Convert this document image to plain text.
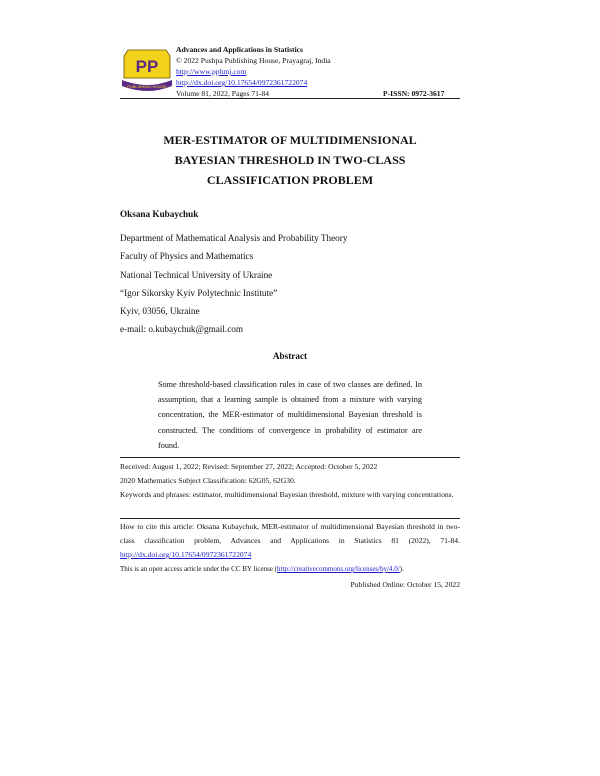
PP
PUBLISHING HOUSE
Advances and Applications in Statistics
© 2022 Pushpa Publishing House, Prayagraj, India
http://www.pphmj.com
http://dx.doi.org/10.17654/0972361722074
Volume 81, 2022, Pages 71-84	P-ISSN: 0972-3617
MER-ESTIMATOR OF MULTIDIMENSIONAL
BAYESIAN THRESHOLD IN TWO-CLASS
CLASSIFICATION PROBLEM
Oksana Kubaychuk
Department of Mathematical Analysis and Probability Theory
Faculty of Physics and Mathematics
National Technical University of Ukraine
“Igor Sikorsky Kyiv Polytechnic Institute”
Kyiv, 03056, Ukraine
e-mail: o.kubaychuk@gmail.com
Abstract
Some threshold-based classification rules in case of two classes are defined. In assumption, that a learning sample is obtained from a mixture with varying concentration, the MER-estimator of multidimensional Bayesian threshold is constructed. The conditions of convergence in probability of estimator are found.
Received: August 1, 2022; Revised: September 27, 2022; Accepted: October 5, 2022
2020 Mathematics Subject Classification: 62G05, 62G30.
Keywords and phrases: estimator, multidimensional Bayesian threshold, mixture with varying concentrations.
How to cite this article: Oksana Kubaychuk, MER-estimator of multidimensional Bayesian threshold in two-class classification problem, Advances and Applications in Statistics 81 (2022), 71-84. http://dx.doi.org/10.17654/0972361722074
This is an open access article under the CC BY license (http://creativecommons.org/licenses/by/4.0/).
Published Online: October 15, 2022
